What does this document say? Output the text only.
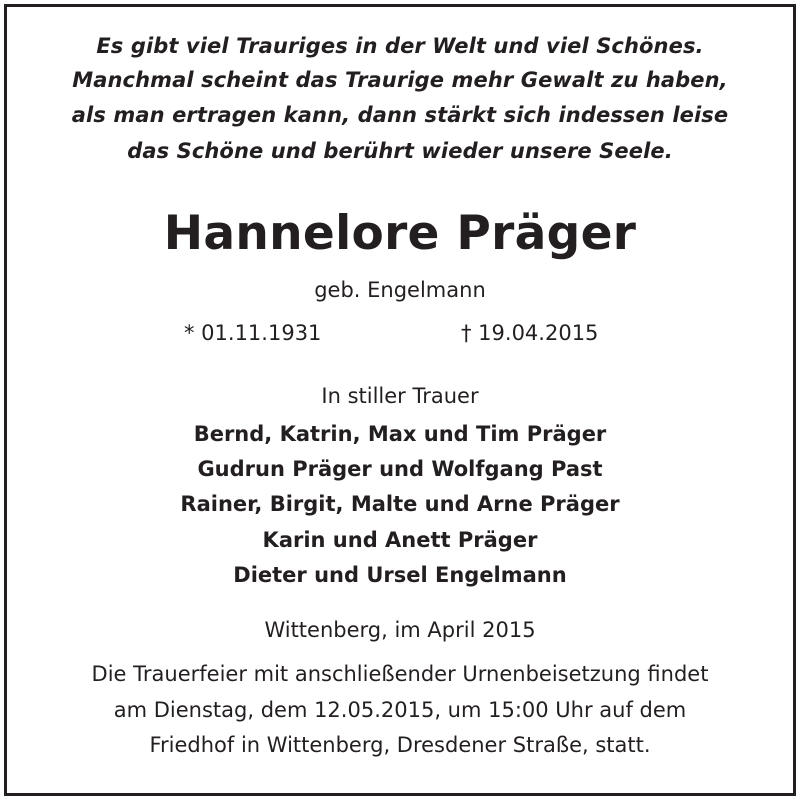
Es gibt viel Trauriges in der Welt und viel Schönes.
Manchmal scheint das Traurige mehr Gewalt zu haben,
als man ertragen kann, dann stärkt sich indessen leise
das Schöne und berührt wieder unsere Seele.
Hannelore Präger
geb. Engelmann
* 01.11.1931	† 19.04.2015
In stiller Trauer
Bernd, Katrin, Max und Tim Präger
Gudrun Präger und Wolfgang Past
Rainer, Birgit, Malte und Arne Präger
Karin und Anett Präger
Dieter und Ursel Engelmann
Wittenberg, im April 2015
Die Trauerfeier mit anschließender Urnenbeisetzung findet
am Dienstag, dem 12.05.2015, um 15:00 Uhr auf dem
Friedhof in Wittenberg, Dresdener Straße, statt.
